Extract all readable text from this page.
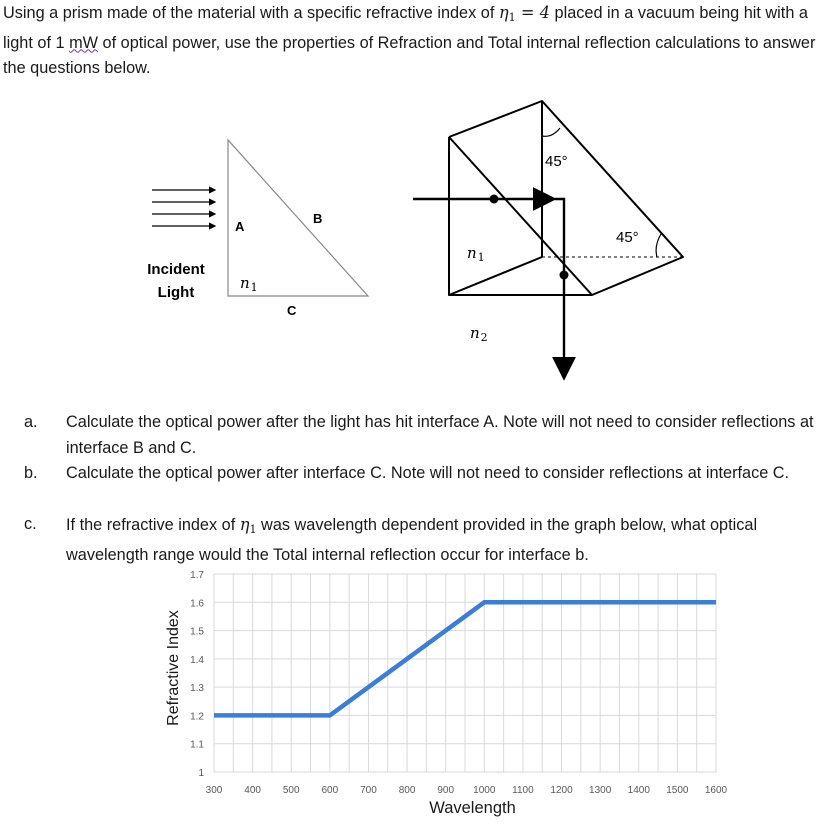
Using a prism made of the material with a specific refractive index of $\eta_1 = 4$ placed in a vacuum being hit with a light of 1 mW of optical power, use the properties of Refraction and Total internal reflection calculations to answer the questions below.

Incident
Light
A
B
C
$n_1$
45°
45°
$n_1$
$n_2$
a. Calculate the optical power after the light has hit interface A. Note will not need to consider reflections at interface B and C.
b. Calculate the optical power after interface C. Note will not need to consider reflections at interface C.
c. If the refractive index of $\eta_1$ was wavelength dependent provided in the graph below, what optical wavelength range would the Total internal reflection occur for interface b.
1
1.1
1.2
1.3
1.4
1.5
1.6
1.7
300 400 500 600 700 800 900 1000 1100 1200 1300 1400 1500 1600
Wavelength
Refractive Index
